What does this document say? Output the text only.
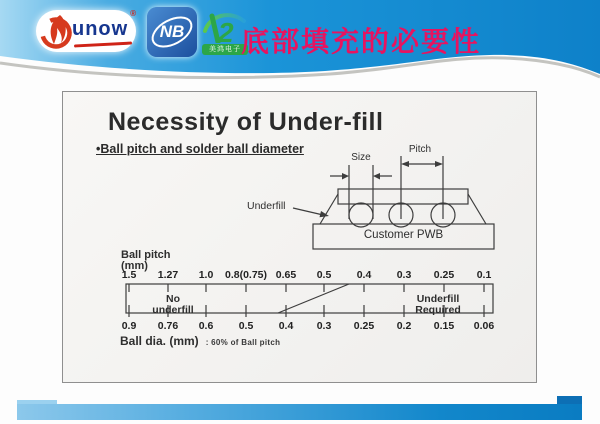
unow
®
NB	2
美鸿电子 底部填充的必要性
Necessity of Under-fill
•Ball pitch and solder ball diameter
Size
Pitch
Underfill
Customer PWB
Ball pitch
(mm)
1.5	1.27	1.0	0.8(0.75) 0.65	0.5	0.4	0.3	0.25	0.1
No
underfill
Underfill
Required
0.9	0.76	0.6	0.5	0.4	0.3	0.25	0.2	0.15	0.06
Ball dia. (mm) : 60% of Ball pitch
